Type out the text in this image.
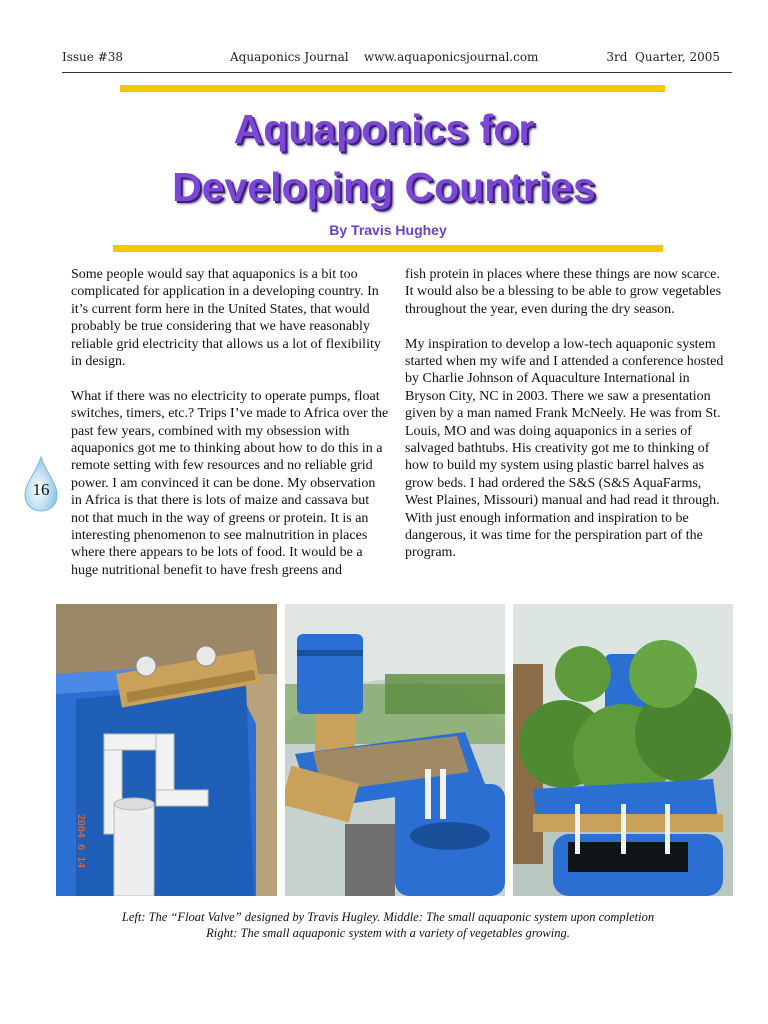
Issue #38	Aquaponics Journal    www.aquaponicsjournal.com	3rd  Quarter, 2005
Aquaponics for
Developing Countries
By Travis Hughey

Some people would say that aquaponics is a bit too complicated for application in a developing country. In it’s current form here in the United States, that would probably be true considering that we have reasonably reliable grid electricity that allows us a lot of flexibility in design.

What if there was no electricity to operate pumps, float switches, timers, etc.? Trips I’ve made to Africa over the past few years, combined with my obsession with aquaponics got me to thinking about how to do this in a remote setting with few resources and no reliable grid power. I am convinced it can be done. My observation in Africa is that there is lots of maize and cassava but not that much in the way of greens or protein. It is an interesting phenomenon to see malnutrition in places where there appears to be lots of food. It would be a huge nutritional benefit to have fresh greens and

fish protein in places where these things are now scarce. It would also be a blessing to be able to grow vegetables throughout the year, even during the dry season.

My inspiration to develop a low-tech aquaponic system started when my wife and I attended a conference hosted by Charlie Johnson of Aquaculture International in Bryson City, NC in 2003. There we saw a presentation given by a man named Frank McNeely. He was from St. Louis, MO and was doing aquaponics in a series of salvaged bathtubs. His creativity got me to thinking of how to build my system using plastic barrel halves as grow beds. I had ordered the S&S (S&S AquaFarms, West Plaines, Missouri) manual and had read it through. With just enough information and inspiration to be dangerous, it was time for the perspiration part of the program.

16
2004 6 14
Left: The “Float Valve” designed by Travis Hugley. Middle: The small aquaponic system upon completion
Right: The small aquaponic system with a variety of vegetables growing.
